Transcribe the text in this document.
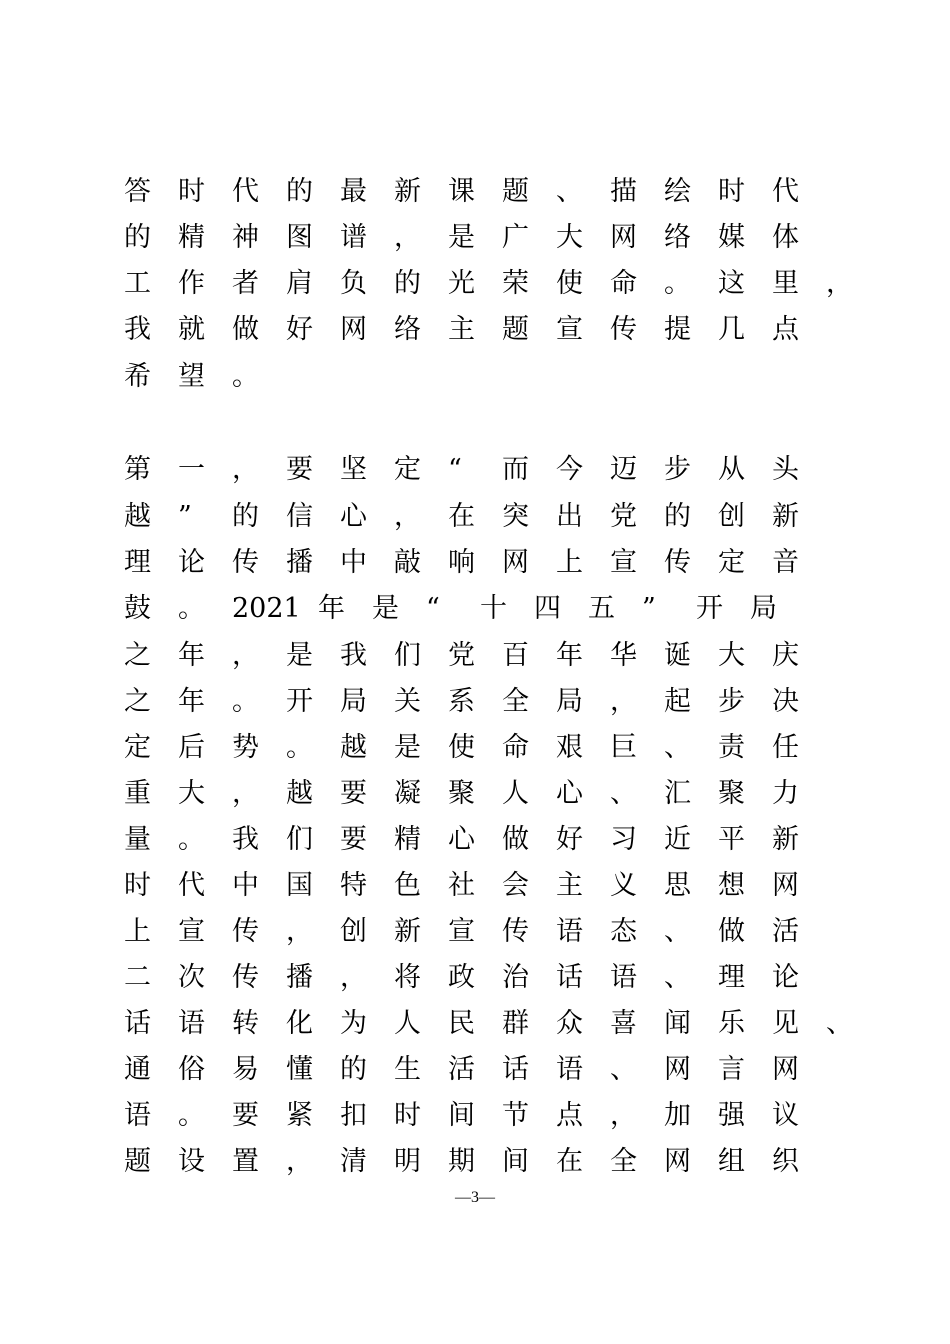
答 时 代 的 最 新 课 题 、 描 绘 时 代
的 精 神 图 谱 ， 是 广 大 网 络 媒 体
工 作 者 肩 负 的 光 荣 使 命 。 这 里 ，
我 就 做 好 网 络 主 题 宣 传 提 几 点
希 望 。
第 一 ， 要 坚 定 “	而 今 迈 步 从 头
越 ”	的 信 心 ， 在 突 出 党 的 创 新
理 论 传 播 中 敲 响 网 上 宣 传 定 音
鼓 。 2021 年 是 “	十 四 五 ”	开 局
之 年 ， 是 我 们 党 百 年 华 诞 大 庆
之 年 。 开 局 关 系 全 局 ， 起 步 决
定 后 势 。 越 是 使 命 艰 巨 、 责 任
重 大 ， 越 要 凝 聚 人 心 、 汇 聚 力
量 。 我 们 要 精 心 做 好 习 近 平 新
时 代 中 国 特 色 社 会 主 义 思 想 网
上 宣 传 ， 创 新 宣 传 语 态 、 做 活
二 次 传 播 ， 将 政 治 话 语 、 理 论
话 语 转 化 为 人 民 群 众 喜 闻 乐 见 、
通 俗 易 懂 的 生 活 话 语 、 网 言 网
语 。 要 紧 扣 时 间 节 点 ， 加 强 议
题 设 置 ， 清 明 期 间 在 全 网 组 织
—3—
